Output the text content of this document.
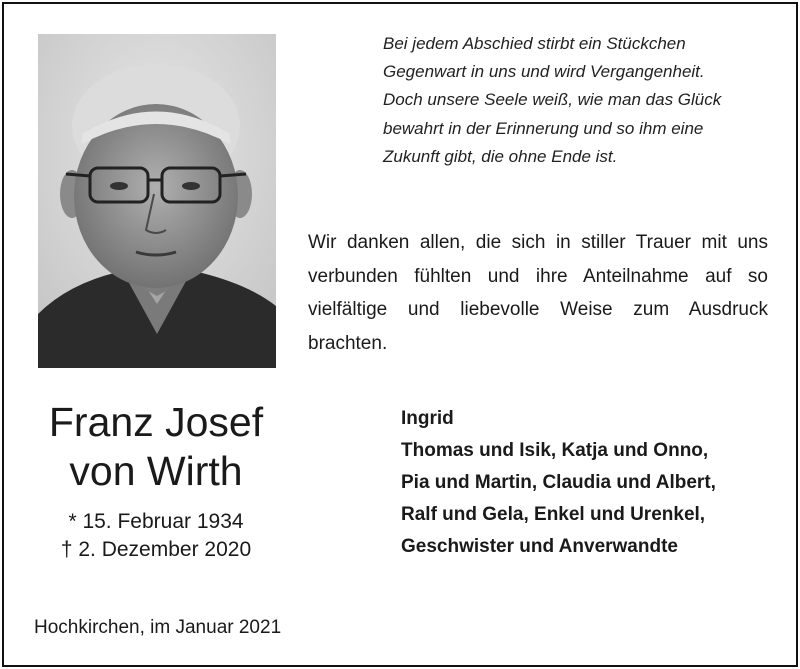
Bei jedem Abschied stirbt ein Stückchen
Gegenwart in uns und wird Vergangenheit.
Doch unsere Seele weiß, wie man das Glück
bewahrt in der Erinnerung und so ihm eine
Zukunft gibt, die ohne Ende ist.
Wir danken allen, die sich in stiller Trauer mit uns verbunden fühlten und ihre Anteilnahme auf so vielfältige und liebevolle Weise zum Ausdruck brachten.
Franz Josef
von Wirth
* 15. Februar 1934
† 2. Dezember 2020
Ingrid
Thomas und Isik, Katja und Onno,
Pia und Martin, Claudia und Albert,
Ralf und Gela, Enkel und Urenkel,
Geschwister und Anverwandte
Hochkirchen, im Januar 2021
